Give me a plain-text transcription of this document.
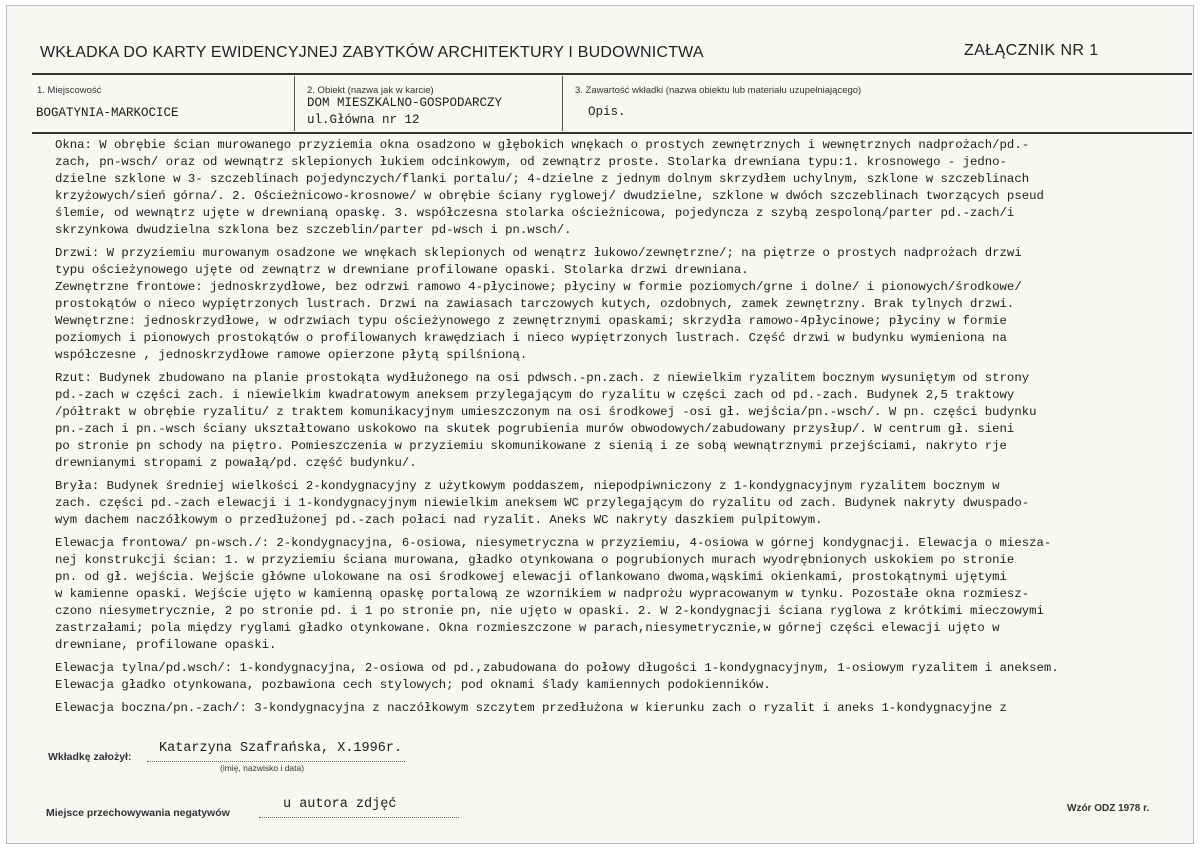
WKŁADKA DO KARTY EWIDENCYJNEJ ZABYTKÓW ARCHITEKTURY I BUDOWNICTWA	ZAŁĄCZNIK NR 1
1. Miejscowość
BOGATYNIA-MARKOCICE
2. Obiekt (nazwa jak w karcie)
DOM MIESZKALNO-GOSPODARCZY
ul.Główna nr 12
3. Zawartość wkładki (nazwa obiektu lub materiału uzupełniającego)
Opis.
Okna: W obrębie ścian murowanego przyziemia okna osadzono w głębokich wnękach o prostych zewnętrznych i wewnętrznych nadprożach/pd.-
zach, pn-wsch/ oraz od wewnątrz sklepionych łukiem odcinkowym, od zewnątrz proste. Stolarka drewniana typu:1. krosnowego - jedno-
dzielne szklone w 3- szczeblinach pojedynczych/flanki portalu/; 4-dzielne z jednym dolnym skrzydłem uchylnym, szklone w szczeblinach
krzyżowych/sień górna/. 2. Ościeżnicowo-krosnowe/ w obrębie ściany ryglowej/ dwudzielne, szklone w dwóch szczeblinach tworzących pseud
ślemie, od wewnątrz ujęte w drewnianą opaskę. 3. współczesna stolarka ościeżnicowa, pojedyncza z szybą zespoloną/parter pd.-zach/i
skrzynkowa dwudzielna szklona bez szczeblin/parter pd-wsch i pn.wsch/.
Drzwi: W przyziemiu murowanym osadzone we wnękach sklepionych od wenątrz łukowo/zewnętrzne/; na piętrze o prostych nadprożach drzwi
typu ościeżynowego ujęte od zewnątrz w drewniane profilowane opaski. Stolarka drzwi drewniana.
Zewnętrzne frontowe: jednoskrzydłowe, bez odrzwi ramowo 4-płycinowe; płyciny w formie poziomych/grne i dolne/ i pionowych/środkowe/
prostokątów o nieco wypiętrzonych lustrach. Drzwi na zawiasach tarczowych kutych, ozdobnych, zamek zewnętrzny. Brak tylnych drzwi.
Wewnętrzne: jednoskrzydłowe, w odrzwiach typu ościeżynowego z zewnętrznymi opaskami; skrzydła ramowo-4płycinowe; płyciny w formie
poziomych i pionowych prostokątów o profilowanych krawędziach i nieco wypiętrzonych lustrach. Część drzwi w budynku wymieniona na
współczesne , jednoskrzydłowe ramowe opierzone płytą spilśnioną.
Rzut: Budynek zbudowano na planie prostokąta wydłużonego na osi pdwsch.-pn.zach. z niewielkim ryzalitem bocznym wysuniętym od strony
pd.-zach w części zach. i niewielkim kwadratowym aneksem przylegającym do ryzalitu w części zach od pd.-zach. Budynek 2,5 traktowy
/półtrakt w obrębie ryzalitu/ z traktem komunikacyjnym umieszczonym na osi środkowej -osi gł. wejścia/pn.-wsch/. W pn. części budynku
pn.-zach i pn.-wsch ściany ukształtowano uskokowo na skutek pogrubienia murów obwodowych/zabudowany przysłup/. W centrum gł. sieni
po stronie pn schody na piętro. Pomieszczenia w przyziemiu skomunikowane z sienią i ze sobą wewnątrznymi przejściami, nakryto rje
drewnianymi stropami z powałą/pd. część budynku/.
Bryła: Budynek średniej wielkości 2-kondygnacyjny z użytkowym poddaszem, niepodpiwniczony z 1-kondygnacyjnym ryzalitem bocznym w
zach. części pd.-zach elewacji i 1-kondygnacyjnym niewielkim aneksem WC przylegającym do ryzalitu od zach. Budynek nakryty dwuspado-
wym dachem naczółkowym o przedłużonej pd.-zach połaci nad ryzalit. Aneks WC nakryty daszkiem pulpitowym.
Elewacja frontowa/ pn-wsch./: 2-kondygnacyjna, 6-osiowa, niesymetryczna w przyziemiu, 4-osiowa w górnej kondygnacji. Elewacja o miesza-
nej konstrukcji ścian: 1. w przyziemiu ściana murowana, gładko otynkowana o pogrubionych murach wyodrębnionych uskokiem po stronie
pn. od gł. wejścia. Wejście główne ulokowane na osi środkowej elewacji oflankowano dwoma,wąskimi okienkami, prostokątnymi ujętymi
w kamienne opaski. Wejście ujęto w kamienną opaskę portalową ze wzornikiem w nadprożu wypracowanym w tynku. Pozostałe okna rozmiesz-
czono niesymetrycznie, 2 po stronie pd. i 1 po stronie pn, nie ujęto w opaski. 2. W 2-kondygnacji ściana ryglowa z krótkimi mieczowymi
zastrzałami; pola między ryglami gładko otynkowane. Okna rozmieszczone w parach,niesymetrycznie,w górnej części elewacji ujęto w
drewniane, profilowane opaski.
Elewacja tylna/pd.wsch/: 1-kondygnacyjna, 2-osiowa od pd.,zabudowana do połowy długości 1-kondygnacyjnym, 1-osiowym ryzalitem i aneksem.
Elewacja gładko otynkowana, pozbawiona cech stylowych; pod oknami ślady kamiennych podokienników.
Elewacja boczna/pn.-zach/: 3-kondygnacyjna z naczółkowym szczytem przedłużona w kierunku zach o ryzalit i aneks 1-kondygnacyjne z
Wkładkę założył:
Katarzyna Szafrańska, X.1996r.
(imię, nazwisko i data)
Miejsce przechowywania negatywów
u autora zdjęć	Wzór ODZ 1978 r.
